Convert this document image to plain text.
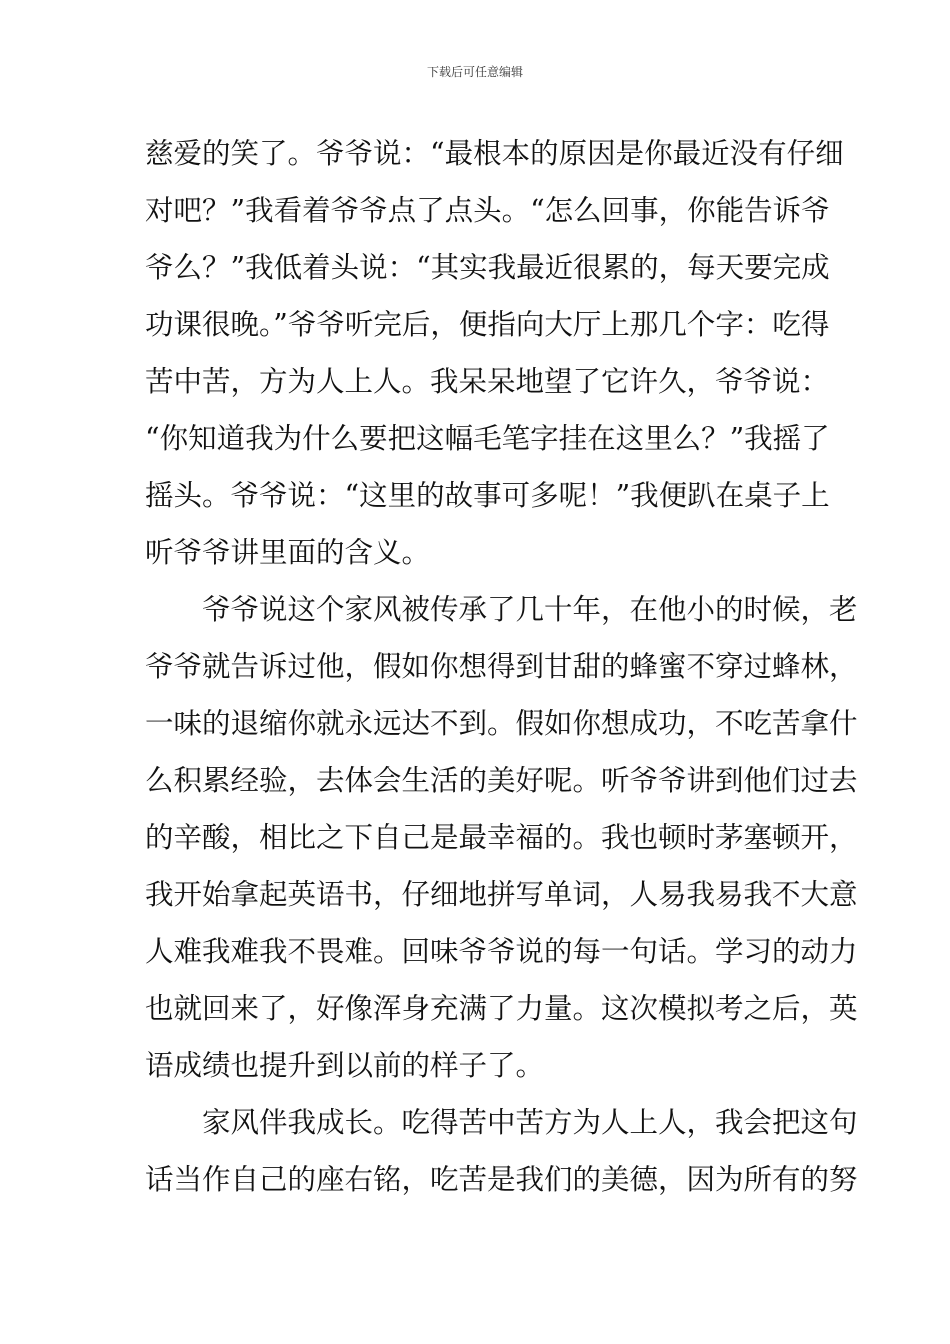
下载后可任意编辑
慈爱的笑了。爷爷说：“最根本的原因是你最近没有仔细
对吧？”我看着爷爷点了点头。“怎么回事，你能告诉爷
爷么？”我低着头说：“其实我最近很累的，每天要完成
功课很晚。”爷爷听完后，便指向大厅上那几个字：吃得
苦中苦，方为人上人。我呆呆地望了它许久，爷爷说：
“你知道我为什么要把这幅毛笔字挂在这里么？”我摇了
摇头。爷爷说：“这里的故事可多呢！”我便趴在桌子上
听爷爷讲里面的含义。
爷爷说这个家风被传承了几十年，在他小的时候，老
爷爷就告诉过他，假如你想得到甘甜的蜂蜜不穿过蜂林，
一味的退缩你就永远达不到。假如你想成功，不吃苦拿什
么积累经验，去体会生活的美好呢。听爷爷讲到他们过去
的辛酸，相比之下自己是最幸福的。我也顿时茅塞顿开，
我开始拿起英语书，仔细地拼写单词，人易我易我不大意
人难我难我不畏难。回味爷爷说的每一句话。学习的动力
也就回来了，好像浑身充满了力量。这次模拟考之后，英
语成绩也提升到以前的样子了。
家风伴我成长。吃得苦中苦方为人上人，我会把这句
话当作自己的座右铭，吃苦是我们的美德，因为所有的努
